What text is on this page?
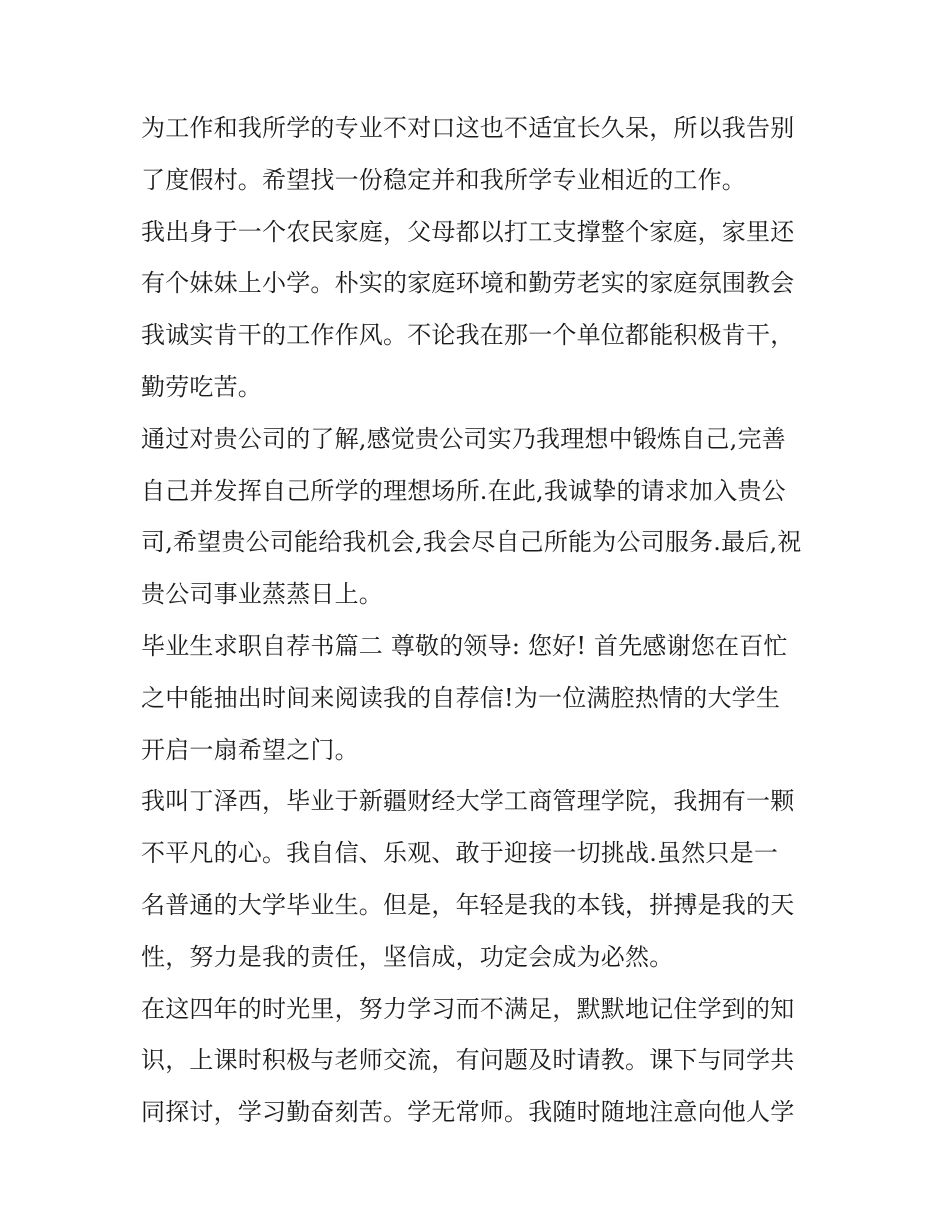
为工作和我所学的专业不对口这也不适宜长久呆，所以我告别
了度假村。希望找一份稳定并和我所学专业相近的工作。
我出身于一个农民家庭，父母都以打工支撑整个家庭，家里还
有个妹妹上小学。朴实的家庭环境和勤劳老实的家庭氛围教会
我诚实肯干的工作作风。不论我在那一个单位都能积极肯干，
勤劳吃苦。
通过对贵公司的了解,感觉贵公司实乃我理想中锻炼自己,完善
自己并发挥自己所学的理想场所.在此,我诚挚的请求加入贵公
司,希望贵公司能给我机会,我会尽自己所能为公司服务.最后,祝
贵公司事业蒸蒸日上。
毕业生求职自荐书篇二 尊敬的领导: 您好! 首先感谢您在百忙
之中能抽出时间来阅读我的自荐信!为一位满腔热情的大学生
开启一扇希望之门。
我叫丁泽西，毕业于新疆财经大学工商管理学院，我拥有一颗
不平凡的心。我自信、乐观、敢于迎接一切挑战.虽然只是一
名普通的大学毕业生。但是，年轻是我的本钱，拼搏是我的天
性，努力是我的责任，坚信成，功定会成为必然。
在这四年的时光里，努力学习而不满足，默默地记住学到的知
识，上课时积极与老师交流，有问题及时请教。课下与同学共
同探讨，学习勤奋刻苦。学无常师。我随时随地注意向他人学
